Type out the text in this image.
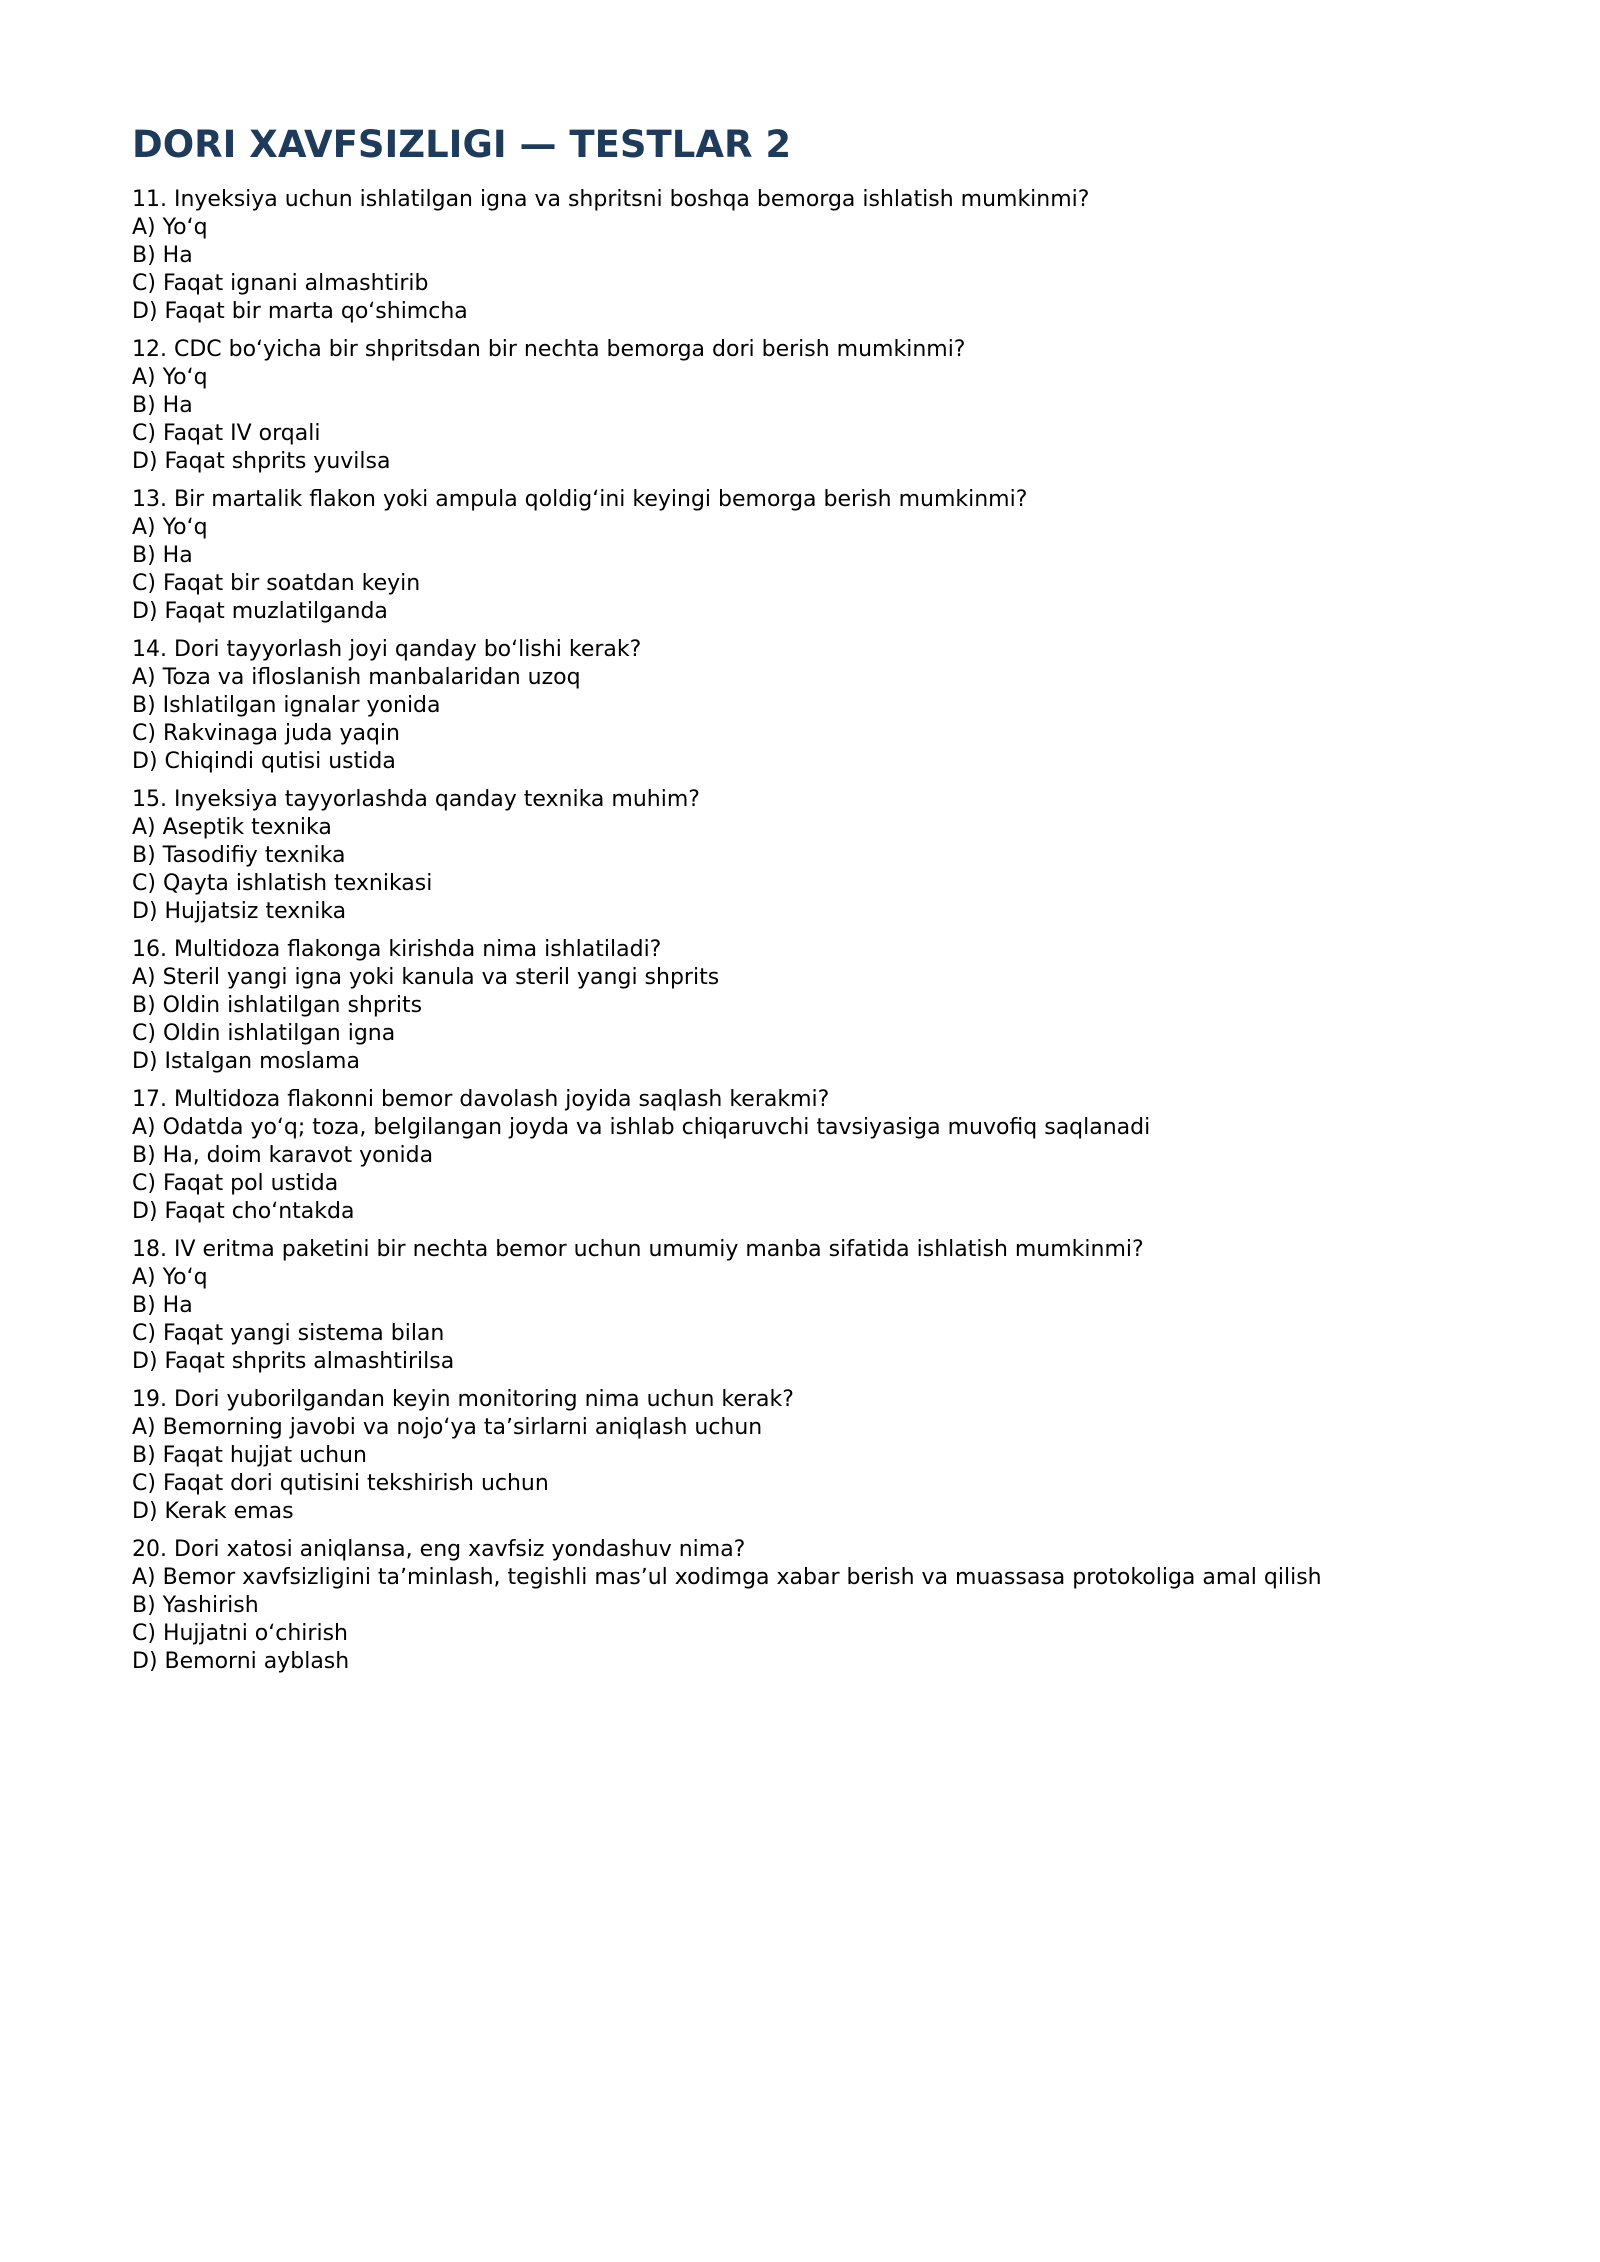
DORI XAVFSIZLIGI — TESTLAR 2

11. Inyeksiya uchun ishlatilgan igna va shpritsni boshqa bemorga ishlatish mumkinmi?

A) Yoʻq
B) Ha
C) Faqat ignani almashtirib
D) Faqat bir marta qoʻshimcha

12. CDC boʻyicha bir shpritsdan bir nechta bemorga dori berish mumkinmi?

A) Yoʻq
B) Ha
C) Faqat IV orqali
D) Faqat shprits yuvilsa

13. Bir martalik flakon yoki ampula qoldigʻini keyingi bemorga berish mumkinmi?

A) Yoʻq
B) Ha
C) Faqat bir soatdan keyin
D) Faqat muzlatilganda

14. Dori tayyorlash joyi qanday boʻlishi kerak?

A) Toza va ifloslanish manbalaridan uzoq
B) Ishlatilgan ignalar yonida
C) Rakvinaga juda yaqin
D) Chiqindi qutisi ustida

15. Inyeksiya tayyorlashda qanday texnika muhim?

A) Aseptik texnika
B) Tasodifiy texnika
C) Qayta ishlatish texnikasi
D) Hujjatsiz texnika

16. Multidoza flakonga kirishda nima ishlatiladi?

A) Steril yangi igna yoki kanula va steril yangi shprits
B) Oldin ishlatilgan shprits
C) Oldin ishlatilgan igna
D) Istalgan moslama

17. Multidoza flakonni bemor davolash joyida saqlash kerakmi?

A) Odatda yoʻq; toza, belgilangan joyda va ishlab chiqaruvchi tavsiyasiga muvofiq saqlanadi
B) Ha, doim karavot yonida
C) Faqat pol ustida
D) Faqat choʻntakda

18. IV eritma paketini bir nechta bemor uchun umumiy manba sifatida ishlatish mumkinmi?

A) Yoʻq
B) Ha
C) Faqat yangi sistema bilan
D) Faqat shprits almashtirilsa

19. Dori yuborilgandan keyin monitoring nima uchun kerak?

A) Bemorning javobi va nojoʻya taʼsirlarni aniqlash uchun
B) Faqat hujjat uchun
C) Faqat dori qutisini tekshirish uchun
D) Kerak emas

20. Dori xatosi aniqlansa, eng xavfsiz yondashuv nima?

A) Bemor xavfsizligini taʼminlash, tegishli masʼul xodimga xabar berish va muassasa protokoliga amal qilish
B) Yashirish
C) Hujjatni oʻchirish
D) Bemorni ayblash
